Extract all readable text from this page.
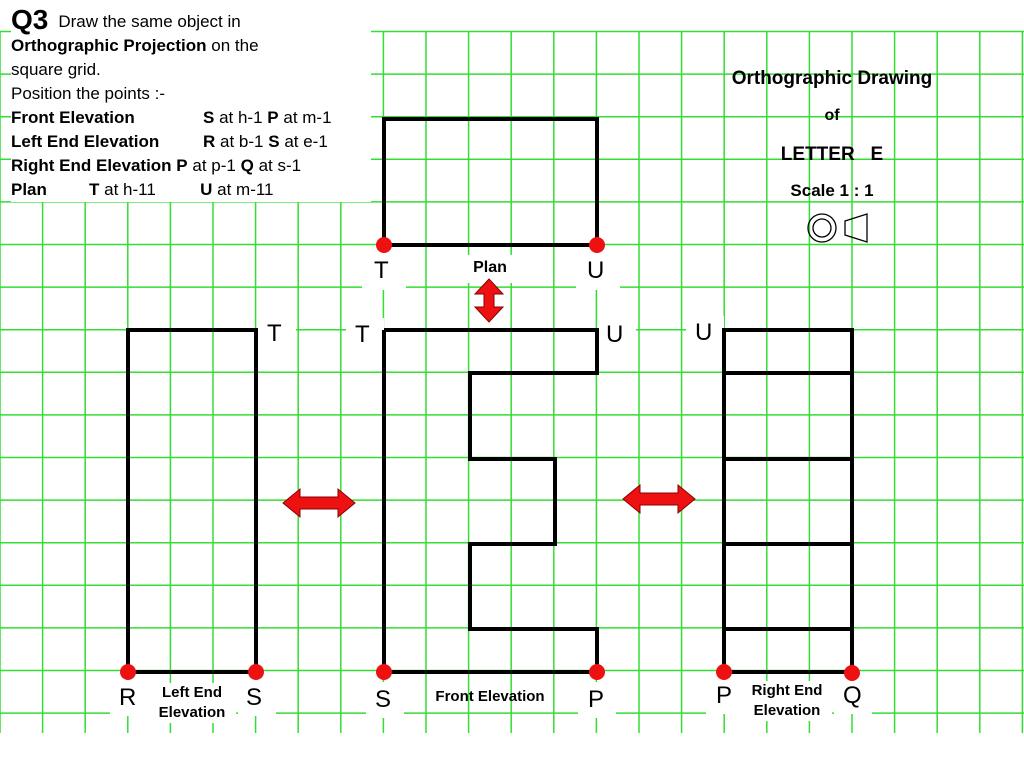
Q3 Draw the same object in
Orthographic Projection on the
square grid.
Position the points :-
Front Elevation	S at h-1 P at m-1
Left End Elevation	R at b-1 S at e-1
Right End Elevation P at p-1 Q at s-1
Plan T at h-11	U at m-11
Orthographic Drawing
of
LETTER   E
Scale 1 : 1
T	U
T	T	U	U
R	S	S	P	P	Q
Plan
Front Elevation
Left End
Elevation
Right End
Elevation
